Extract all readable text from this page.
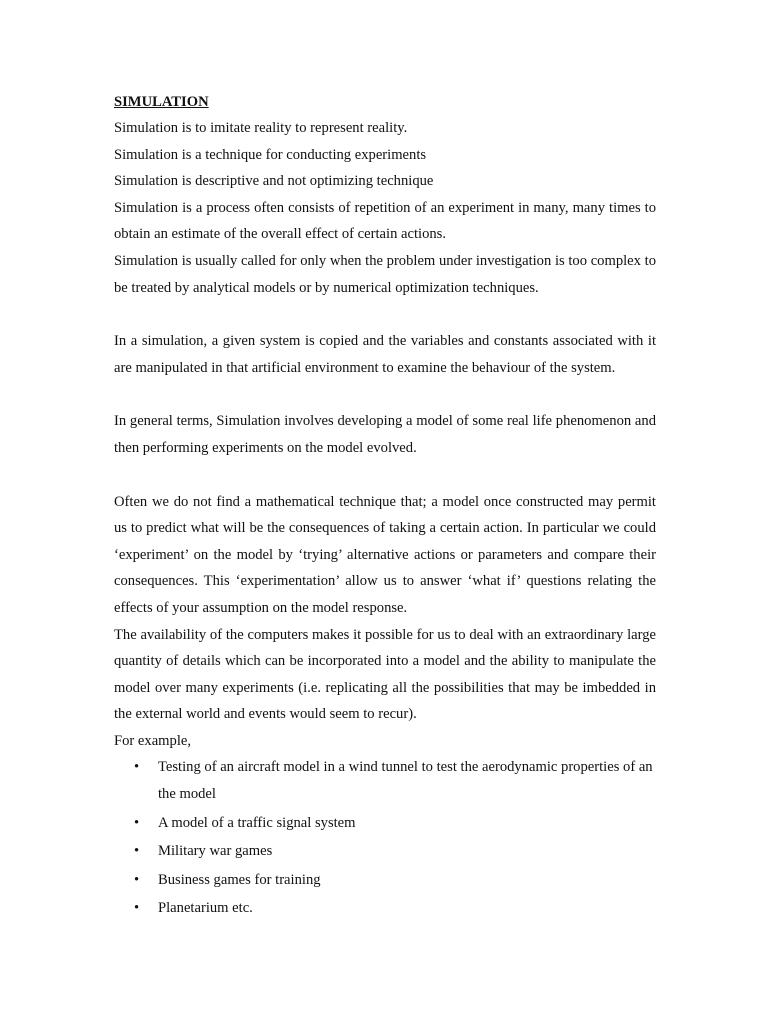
SIMULATION

Simulation is to imitate reality to represent reality.

Simulation is a technique for conducting experiments

Simulation is descriptive and not optimizing technique

Simulation is a process often consists of repetition of an experiment in many, many times to obtain an estimate of the overall effect of certain actions.

Simulation is usually called for only when the problem under investigation is too complex to be treated by analytical models or by numerical optimization techniques.

In a simulation, a given system is copied and the variables and constants associated with it are manipulated in that artificial environment to examine the behaviour of the system.

In general terms, Simulation involves developing a model of some real life phenomenon and then performing experiments on the model evolved.

Often we do not find a mathematical technique that; a model once constructed may permit us to predict what will be the consequences of taking a certain action. In particular we could ‘experiment’ on the model by ‘trying’ alternative actions or parameters and compare their consequences. This ‘experimentation’ allow us to answer ‘what if’ questions relating the effects of your assumption on the model response.

The availability of the computers makes it possible for us to deal with an extraordinary large quantity of details which can be incorporated into a model and the ability to manipulate the model over many experiments (i.e. replicating all the possibilities that may be imbedded in the external world and events would seem to recur).

For example,

• Testing of an aircraft model in a wind tunnel to test the aerodynamic properties of an the model
• A model of a traffic signal system
• Military war games
• Business games for training
• Planetarium etc.
